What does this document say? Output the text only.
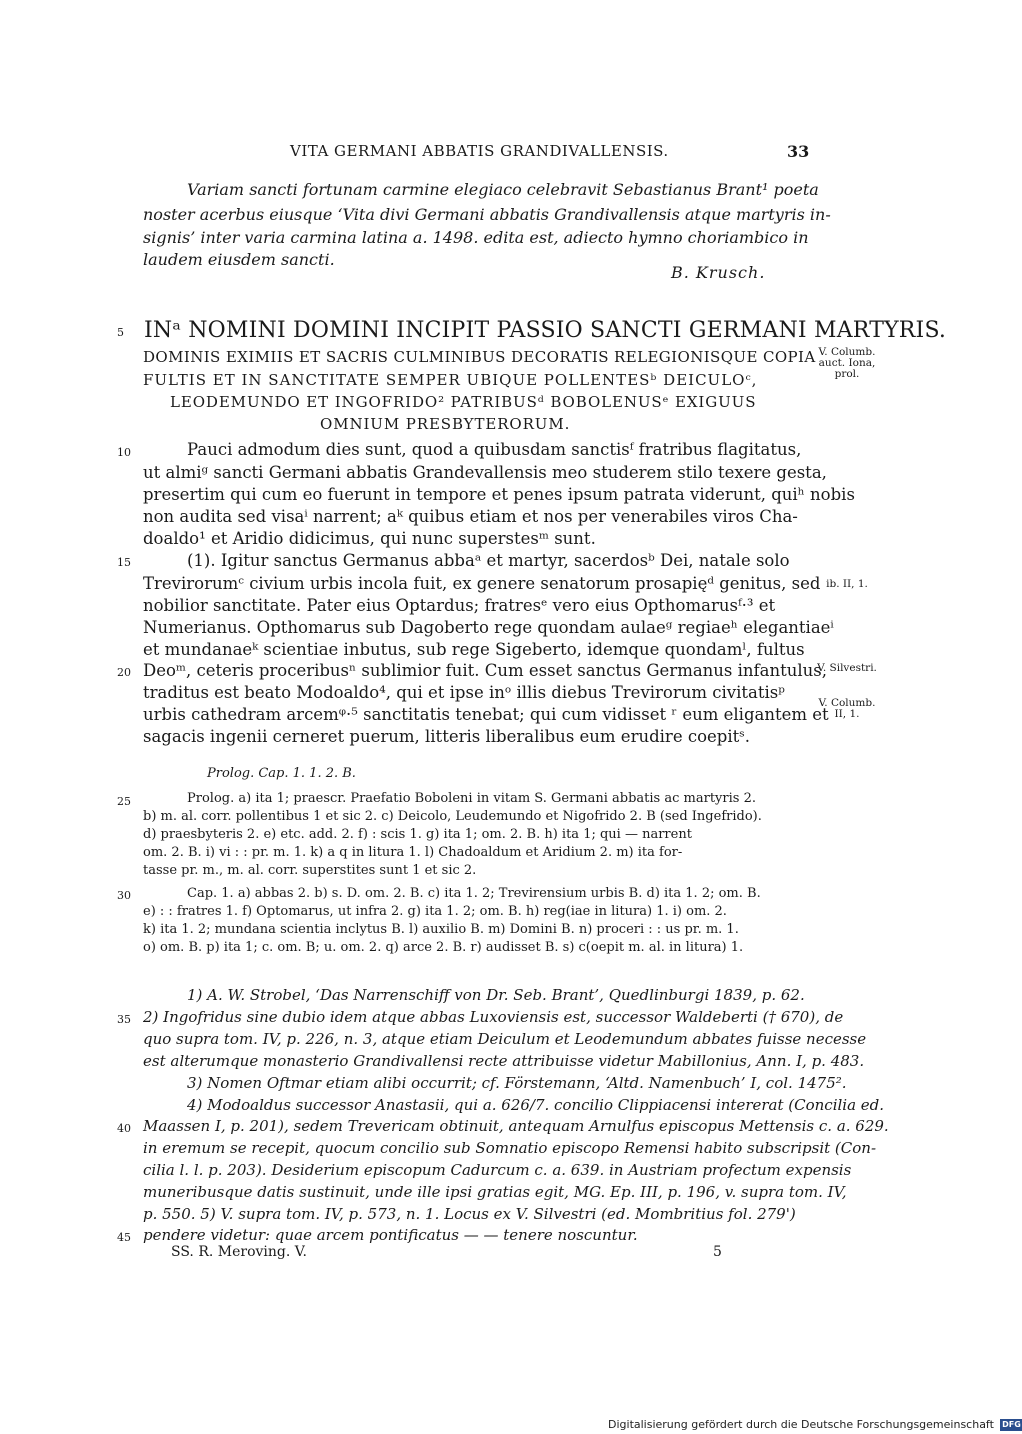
VITA GERMANI ABBATIS GRANDIVALLENSIS.	33
Variam sancti fortunam carmine elegiaco celebravit Sebastianus Brant¹ poeta
noster acerbus eiusque ‘Vita divi Germani abbatis Grandivallensis atque martyris in-
signis’ inter varia carmina latina a. 1498. edita est, adiecto hymno choriambico in
laudem eiusdem sancti.
B. Krusch.
5 INᵃ NOMINI DOMINI INCIPIT PASSIO SANCTI GERMANI MARTYRIS.
DOMINIS EXIMIIS ET SACRIS CULMINIBUS DECORATIS RELEGIONISQUE COPIA
FULTIS ET IN SANCTITATE SEMPER UBIQUE POLLENTESᵇ DEICULOᶜ,
LEODEMUNDO ET INGOFRIDO² PATRIBUSᵈ BOBOLENUSᵉ EXIGUUS
OMNIUM PRESBYTERORUM.
V. Columb. auct. Iona, prol.
ib. II, 1.
V. Silvestri.
V. Columb. II, 1.
10	Pauci admodum dies sunt, quod a quibusdam sanctisᶠ fratribus flagitatus,
ut almiᵍ sancti Germani abbatis Grandevallensis meo studerem stilo texere gesta,
presertim qui cum eo fuerunt in tempore et penes ipsum patrata viderunt, quiʰ nobis
non audita sed visaⁱ narrent; aᵏ quibus etiam et nos per venerabiles viros Cha-
doaldo¹ et Aridio didicimus, qui nunc superstesᵐ sunt.
15	(1). Igitur sanctus Germanus abbaᵃ et martyr, sacerdosᵇ Dei, natale solo
Trevirorumᶜ civium urbis incola fuit, ex genere senatorum prosapięᵈ genitus, sed
nobilior sanctitate. Pater eius Optardus; fratresᵉ vero eius Opthomarusᶠ·³ et
Numerianus. Opthomarus sub Dagoberto rege quondam aulaeᵍ regiaeʰ elegantiaeⁱ
et mundanaeᵏ scientiae inbutus, sub rege Sigeberto, idemque quondamˡ, fultus
20 Deoᵐ, ceteris proceribusⁿ sublimior fuit. Cum esset sanctus Germanus infantulus,
traditus est beato Modoaldo⁴, qui et ipse inᵒ illis diebus Trevirorum civitatisᵖ
urbis cathedram arcemᵠ·⁵ sanctitatis tenebat; qui cum vidisset ʳ eum eligantem et
sagacis ingenii cerneret puerum, litteris liberalibus eum erudire coepitˢ.
Prolog. Cap. 1. 1. 2. B.
25	Prolog. a) ita 1; praescr. Praefatio Boboleni in vitam S. Germani abbatis ac martyris 2.
b) m. al. corr. pollentibus 1 et sic 2. c) Deicolo, Leudemundo et Nigofrido 2. B (sed Ingefrido).
d) praesbyteris 2. e) etc. add. 2. f) : scis 1. g) ita 1; om. 2. B. h) ita 1; qui — narrent
om. 2. B. i) vi : : pr. m. 1. k) a q in litura 1. l) Chadoaldum et Aridium 2. m) ita for-
tasse pr. m., m. al. corr. superstites sunt 1 et sic 2.
30	Cap. 1. a) abbas 2. b) s. D. om. 2. B. c) ita 1. 2; Trevirensium urbis B. d) ita 1. 2; om. B.
e) : : fratres 1. f) Optomarus, ut infra 2. g) ita 1. 2; om. B. h) reg(iae in litura) 1. i) om. 2.
k) ita 1. 2; mundana scientia inclytus B. l) auxilio B. m) Domini B. n) proceri : : us pr. m. 1.
o) om. B. p) ita 1; c. om. B; u. om. 2. q) arce 2. B. r) audisset B. s) c(oepit m. al. in litura) 1.
1) A. W. Strobel, ‘Das Narrenschiff von Dr. Seb. Brant’, Quedlinburgi 1839, p. 62.
35 2) Ingofridus sine dubio idem atque abbas Luxoviensis est, successor Waldeberti († 670), de
quo supra tom. IV, p. 226, n. 3, atque etiam Deiculum et Leodemundum abbates fuisse necesse
est alterumque monasterio Grandivallensi recte attribuisse videtur Mabillonius, Ann. I, p. 483.
3) Nomen Oftmar etiam alibi occurrit; cf. Förstemann, ‘Altd. Namenbuch’ I, col. 1475².
4) Modoaldus successor Anastasii, qui a. 626/7. concilio Clippiacensi intererat (Concilia ed.
40 Maassen I, p. 201), sedem Trevericam obtinuit, antequam Arnulfus episcopus Mettensis c. a. 629.
in eremum se recepit, quocum concilio sub Somnatio episcopo Remensi habito subscripsit (Con-
cilia l. l. p. 203). Desiderium episcopum Cadurcum c. a. 639. in Austriam profectum expensis
muneribusque datis sustinuit, unde ille ipsi gratias egit, MG. Ep. III, p. 196, v. supra tom. IV,
p. 550. 5) V. supra tom. IV, p. 573, n. 1. Locus ex V. Silvestri (ed. Mombritius fol. 279')
45 pendere videtur: quae arcem pontificatus — — tenere noscuntur.
SS. R. Meroving. V.	5
Digitalisierung gefördert durch die Deutsche Forschungsgemeinschaft DFG
